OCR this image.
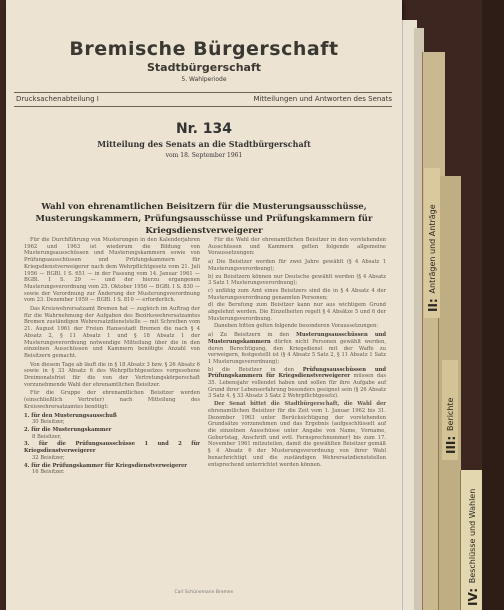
Bremische Bürgerschaft
Stadtbürgerschaft
5. Wahlperiode
Drucksachenabteilung I	Mitteilungen und Antworten des Senats
Nr. 134
Mitteilung des Senats an die Stadtbürgerschaft
vom 18. September 1961
Wahl von ehrenamtlichen Beisitzern für die Musterungsausschüsse, Musterungskammern, Prüfungsausschüsse und Prüfungskammern für Kriegsdienstverweigerer

Für die Durchführung von Musterungen in den Kalenderjahren 1962 und 1963 ist wiederum die Bildung von Musterungsausschüssen und Musterungskammern sowie von Prüfungsausschüssen und Prüfungskammern für Kriegsdienstverweigerer nach dem Wehrpflichtgesetz vom 21. Juli 1956 — BGBl. I S. 651 — in der Fassung vom 14. Januar 1961 — BGBl. I S. 29 — und der hierzu ergangenen Musterungsverordnung vom 25. Oktober 1956 — BGBl. I S. 830 — sowie der Verordnung zur Änderung der Musterungsverordnung vom 23. Dezember 1959 — BGBl. I S. 810 — erforderlich.

Das Kreiswehrersatzamt Bremen hat — zugleich im Auftrag der für die Wahrnehmung der Aufgaben des Bezirkswehrersatzamtes Bremen zuständigen Wehrersatzdienststelle — mit Schreiben vom 21. August 1961 der Freien Hansestadt Bremen die nach § 4 Absatz 2, § 11 Absatz 1 und § 18 Absatz 1 der Musterungsverordnung notwendige Mitteilung über die in den einzelnen Ausschüssen und Kammern benötigte Anzahl von Beisitzern gemacht.

Von diesem Tage ab läuft die in § 18 Absatz 3 bzw. § 26 Absatz 6 sowie in § 33 Absatz 6 des Wehrpflichtgesetzes vorgesehene Dreimonatsfrist für die von der Vertretungskörperschaft vorzunehmende Wahl der ehrenamtlichen Beisitzer.

Für die Gruppe der ehrenamtlichen Beisitzer werden (einschließlich Vertreter) nach Mitteilung des Kreiswehrersatzamtes benötigt:

1. für den Musterungsausschuß
30 Beisitzer,
2. für die Musterungskammer
8 Beisitzer,
3. für die Prüfungsausschüsse 1 und 2 für Kriegsdienstverweigerer
32 Beisitzer,
4. für die Prüfungskammer für Kriegsdienstverweigerer
16 Beisitzer.

Für die Wahl der ehrenamtlichen Beisitzer in den vorstehenden Ausschüssen und Kammern gelten folgende allgemeine Voraussetzungen:

a) Die Beisitzer werden für zwei Jahre gewählt (§ 4 Absatz 1 Musterungsverordnung);
b) zu Beisitzern können nur Deutsche gewählt werden (§ 4 Absatz 3 Satz 1 Musterungsverordnung);
c) unfähig zum Amt eines Beisitzers sind die in § 4 Absatz 4 der Musterungsverordnung genannten Personen;
d) die Berufung zum Beisitzer kann nur aus wichtigem Grund abgelehnt werden. Die Einzelheiten regelt § 4 Absätze 5 und 6 der Musterungsverordnung.

Daneben bitten gelten folgende besonderen Voraussetzungen:

a) Zu Beisitzern in den Musterungsausschüssen und Musterungskammern dürfen nicht Personen gewählt werden, deren Berechtigung, den Kriegsdienst mit der Waffe zu verweigern, festgestellt ist (§ 4 Absatz 5 Satz 2, § 11 Absatz 1 Satz 1 Musterungsverordnung);
b) die Beisitzer in den Prüfungsausschüssen und Prüfungskammern für Kriegsdienstverweigerer müssen das 35. Lebensjahr vollendet haben und sollen für ihre Aufgabe auf Grund ihrer Lebenserfahrung besonders geeignet sein (§ 26 Absatz 3 Satz 4, § 33 Absatz 3 Satz 2 Wehrpflichtgesetz).

Der Senat bittet die Stadtbürgerschaft, die Wahl der ehrenamtlichen Beisitzer für die Zeit vom 1. Januar 1962 bis 31. Dezember 1963 unter Berücksichtigung der vorstehenden Grundsätze vorzunehmen und das Ergebnis (aufgeschlüsselt auf die einzelnen Ausschüsse unter Angabe von Name, Vorname, Geburtstag, Anschrift und evtl. Fernsprechnummer) bis zum 17. November 1961 mitzuteilen, damit die gewählten Beisitzer gemäß § 4 Absatz 6 der Musterungsverordnung von ihrer Wahl benachrichtigt und die zuständigen Wehrersatzdienststellen entsprechend unterrichtet werden können.

Carl Schünemann Bremen
II: Anträgen und Anträge
III: Berichte
IV: Beschlüsse und Wahlen
